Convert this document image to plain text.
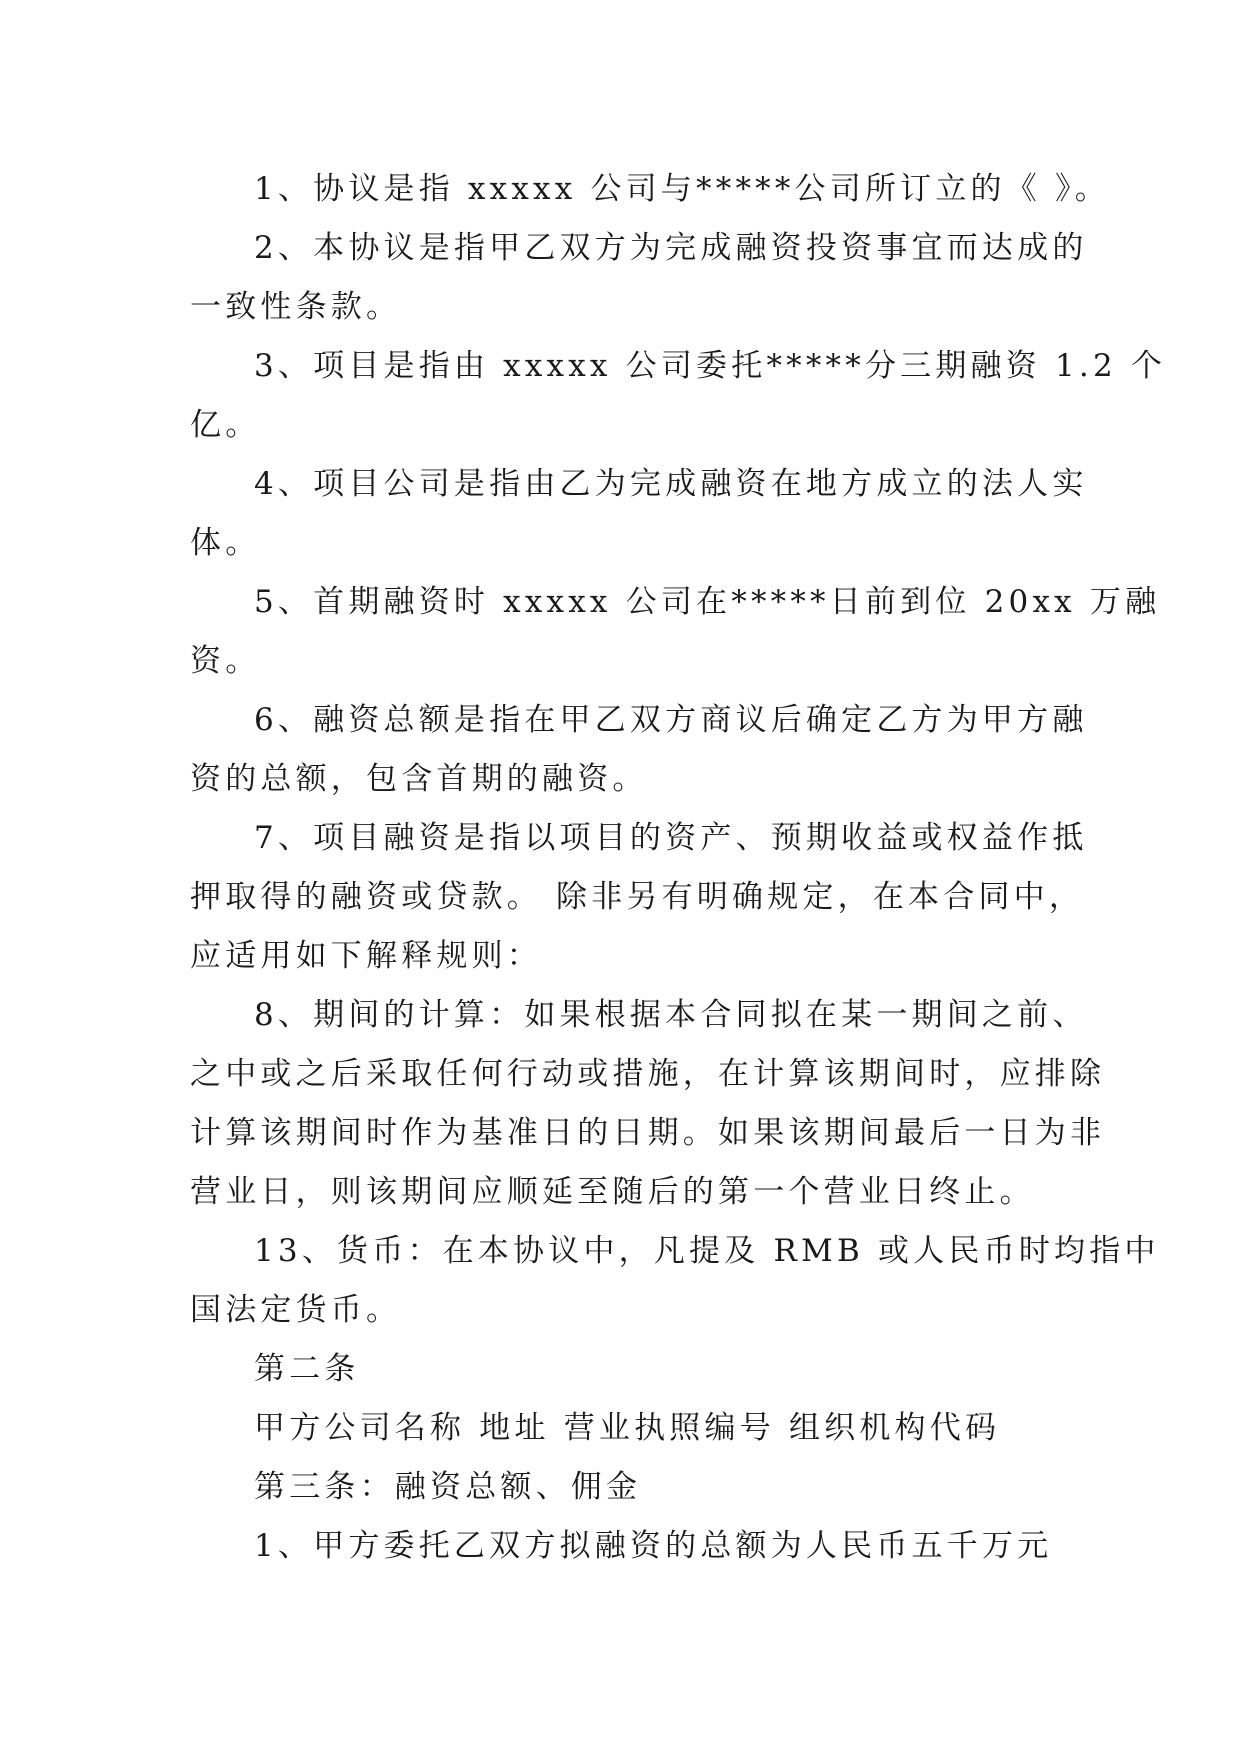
1、协议是指 xxxxx 公司与*****公司所订立的《 》。

2、本协议是指甲乙双方为完成融资投资事宜而达成的
一致性条款。

3、项目是指由 xxxxx 公司委托*****分三期融资 1.2 个
亿。

4、项目公司是指由乙为完成融资在地方成立的法人实
体。

5、首期融资时 xxxxx 公司在*****日前到位 20xx 万融
资。

6、融资总额是指在甲乙双方商议后确定乙方为甲方融
资的总额，包含首期的融资。

7、项目融资是指以项目的资产、预期收益或权益作抵
押取得的融资或贷款。 除非另有明确规定，在本合同中，
应适用如下解释规则：

8、期间的计算：如果根据本合同拟在某一期间之前、
之中或之后采取任何行动或措施，在计算该期间时，应排除
计算该期间时作为基准日的日期。如果该期间最后一日为非
营业日，则该期间应顺延至随后的第一个营业日终止。

13、货币：在本协议中，凡提及 RMB 或人民币时均指中
国法定货币。

第二条

甲方公司名称 地址 营业执照编号 组织机构代码

第三条：融资总额、佣金

1、甲方委托乙双方拟融资的总额为人民币五千万元
